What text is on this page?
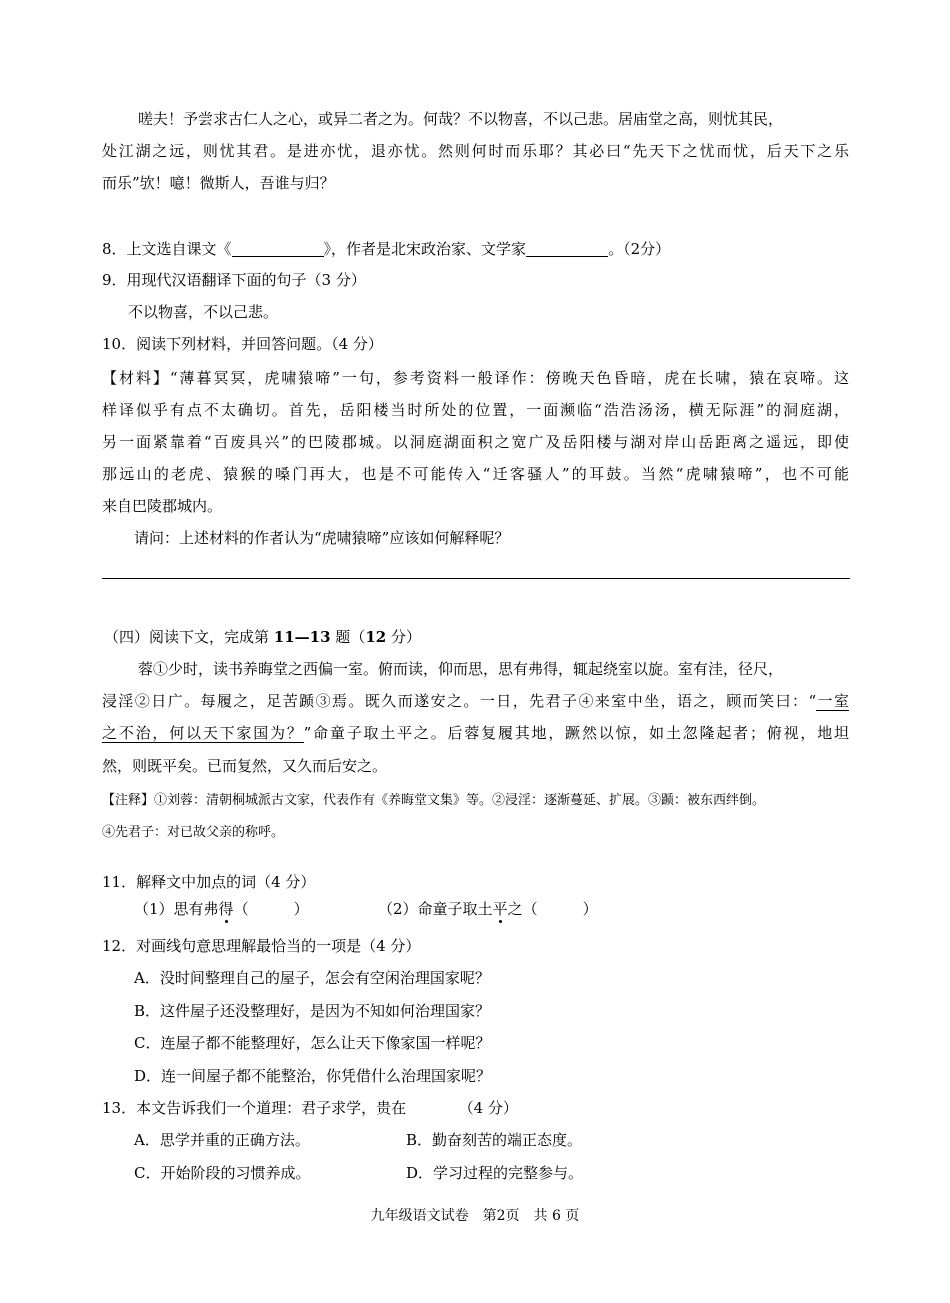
嗟夫！予尝求古仁人之心，或异二者之为。何哉？不以物喜，不以己悲。居庙堂之高，则忧其民，
处江湖之远，则忧其君。是进亦忧，退亦忧。然则何时而乐耶？其必曰“先天下之忧而忧，后天下之乐
而乐”欤！噫！微斯人，吾谁与归？
8．上文选自课文《	》，作者是北宋政治家、文学家	。（2分）
9．用现代汉语翻译下面的句子（3 分）
不以物喜，不以己悲。
10．阅读下列材料，并回答问题。（4 分）
【材料】“薄暮冥冥，虎啸猿啼”一句，参考资料一般译作：傍晚天色昏暗，虎在长啸，猿在哀啼。这
样译似乎有点不太确切。首先，岳阳楼当时所处的位置，一面濒临“浩浩汤汤，横无际涯”的洞庭湖，
另一面紧靠着“百废具兴”的巴陵郡城。以洞庭湖面积之宽广及岳阳楼与湖对岸山岳距离之遥远，即使
那远山的老虎、猿猴的嗓门再大，也是不可能传入“迁客骚人”的耳鼓。当然“虎啸猿啼”，也不可能
来自巴陵郡城内。
请问：上述材料的作者认为“虎啸猿啼”应该如何解释呢？
（四）阅读下文，完成第 11—13 题（12 分）
蓉①少时，读书养晦堂之西偏一室。俯而读，仰而思，思有弗得，辄起绕室以旋。室有洼，径尺，
浸淫②日广。每履之，足苦踬③焉。既久而遂安之。一日，先君子④来室中坐，语之，顾而笑曰：“一室
之不治，何以天下家国为？”命童子取土平之。后蓉复履其地，蹶然以惊，如土忽隆起者；俯视，地坦
然，则既平矣。已而复然，又久而后安之。
【注释】①刘蓉：清朝桐城派古文家，代表作有《养晦堂文集》等。②浸淫：逐渐蔓延、扩展。③踬：被东西绊倒。
④先君子：对已故父亲的称呼。
11．解释文中加点的词（4 分）
（1）思有弗得（　　　）	（2）命童子取土平之（　　　）
12．对画线句意思理解最恰当的一项是（4 分）
A．没时间整理自己的屋子，怎会有空闲治理国家呢？
B．这件屋子还没整理好，是因为不知如何治理国家？
C．连屋子都不能整理好，怎么让天下像家国一样呢？
D．连一间屋子都不能整治，你凭借什么治理国家呢？
13．本文告诉我们一个道理：君子求学，贵在　　　　（4 分）
A．思学并重的正确方法。	B．勤奋刻苦的端正态度。
C．开始阶段的习惯养成。	D．学习过程的完整参与。
九年级语文试卷　第2页　共 6 页
